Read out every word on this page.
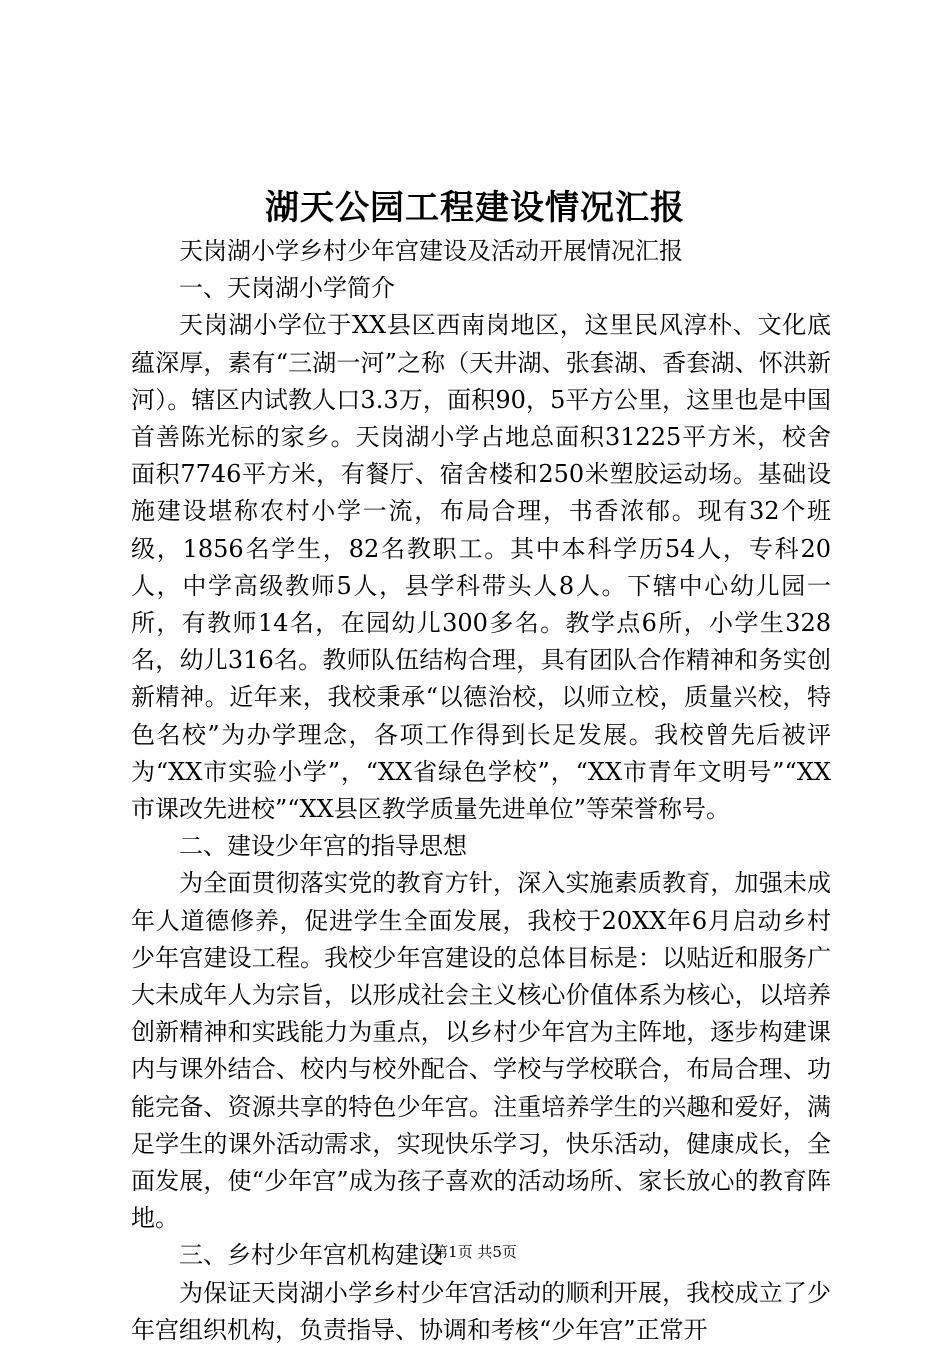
湖天公园工程建设情况汇报

天岗湖小学乡村少年宫建设及活动开展情况汇报

一、天岗湖小学简介

天岗湖小学位于XX县区西南岗地区，这里民风淳朴、文化底蕴深厚，素有“三湖一河”之称（天井湖、张套湖、香套湖、怀洪新河）。辖区内试教人口3.3万，面积90，5平方公里，这里也是中国首善陈光标的家乡。天岗湖小学占地总面积31225平方米，校舍面积7746平方米，有餐厅、宿舍楼和250米塑胶运动场。基础设施建设堪称农村小学一流，布局合理，书香浓郁。现有32个班级，1856名学生，82名教职工。其中本科学历54人，专科20人，中学高级教师5人，县学科带头人8人。下辖中心幼儿园一所，有教师14名，在园幼儿300多名。教学点6所，小学生328名，幼儿316名。教师队伍结构合理，具有团队合作精神和务实创新精神。近年来，我校秉承“以德治校，以师立校，质量兴校，特色名校”为办学理念，各项工作得到长足发展。我校曾先后被评为“XX市实验小学”，“XX省绿色学校”，“XX市青年文明号”“XX市课改先进校”“XX县区教学质量先进单位”等荣誉称号。

二、建设少年宫的指导思想

为全面贯彻落实党的教育方针，深入实施素质教育，加强未成年人道德修养，促进学生全面发展，我校于20XX年6月启动乡村少年宫建设工程。我校少年宫建设的总体目标是：以贴近和服务广大未成年人为宗旨，以形成社会主义核心价值体系为核心，以培养创新精神和实践能力为重点，以乡村少年宫为主阵地，逐步构建课内与课外结合、校内与校外配合、学校与学校联合，布局合理、功能完备、资源共享的特色少年宫。注重培养学生的兴趣和爱好，满足学生的课外活动需求，实现快乐学习，快乐活动，健康成长，全面发展，使“少年宫”成为孩子喜欢的活动场所、家长放心的教育阵地。

三、乡村少年宫机构建设

为保证天岗湖小学乡村少年宫活动的顺利开展，我校成立了少年宫组织机构，负责指导、协调和考核“少年宫”正常开

第1页 共5页
